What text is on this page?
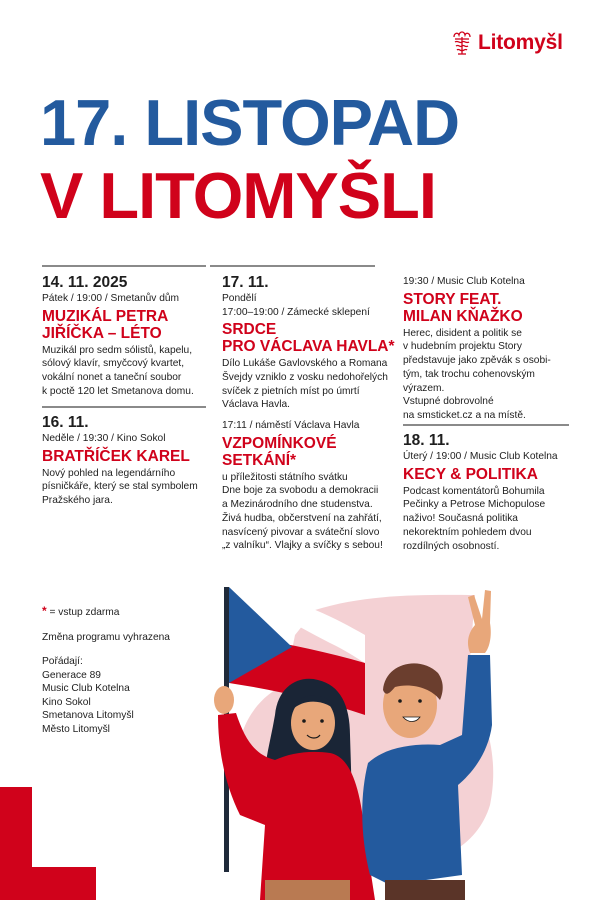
Litomyšl
17. LISTOPAD
V LITOMYŠLI
14. 11. 2025
Pátek / 19:00 / Smetanův dům
MUZIKÁL PETRA
JIŘÍČKA – LÉTO
Muzikál pro sedm sólistů, kapelu,
sólový klavír, smyčcový kvartet,
vokální nonet a taneční soubor
k poctě 120 let Smetanova domu.
16. 11.
Neděle / 19:30 / Kino Sokol
BRATŘÍČEK KAREL
Nový pohled na legendárního
písničkáře, který se stal symbolem
Pražského jara.
17. 11.
Pondělí
17:00–19:00 / Zámecké sklepení
SRDCE
PRO VÁCLAVA HAVLA*
Dílo Lukáše Gavlovského a Romana
Švejdy vzniklo z vosku nedohořelých
svíček z pietních míst po úmrtí
Václava Havla.
17:11 / náměstí Václava Havla
VZPOMÍNKOVÉ
SETKÁNÍ*
u příležitosti státního svátku
Dne boje za svobodu a demokracii
a Mezinárodního dne studenstva.
Živá hudba, občerstvení na zahřátí,
nasvícený pivovar a sváteční slovo
„z valníku“. Vlajky a svíčky s sebou!
19:30 / Music Club Kotelna
STORY FEAT.
MILAN KŇAŽKO
Herec, disident a politik se
v hudebním projektu Story
představuje jako zpěvák s osobi-
tým, tak trochu cohenovským
výrazem.
Vstupné dobrovolné
na smsticket.cz a na místě.
18. 11.
Úterý / 19:00 / Music Club Kotelna
KECY & POLITIKA
Podcast komentátorů Bohumila
Pečinky a Petrose Michopulose
naživo! Současná politika
nekorektním pohledem dvou
rozdílných osobností.

* = vstup zdarma

Změna programu vyhrazena

Pořádají:
Generace 89
Music Club Kotelna
Kino Sokol
Smetanova Litomyšl
Město Litomyšl
